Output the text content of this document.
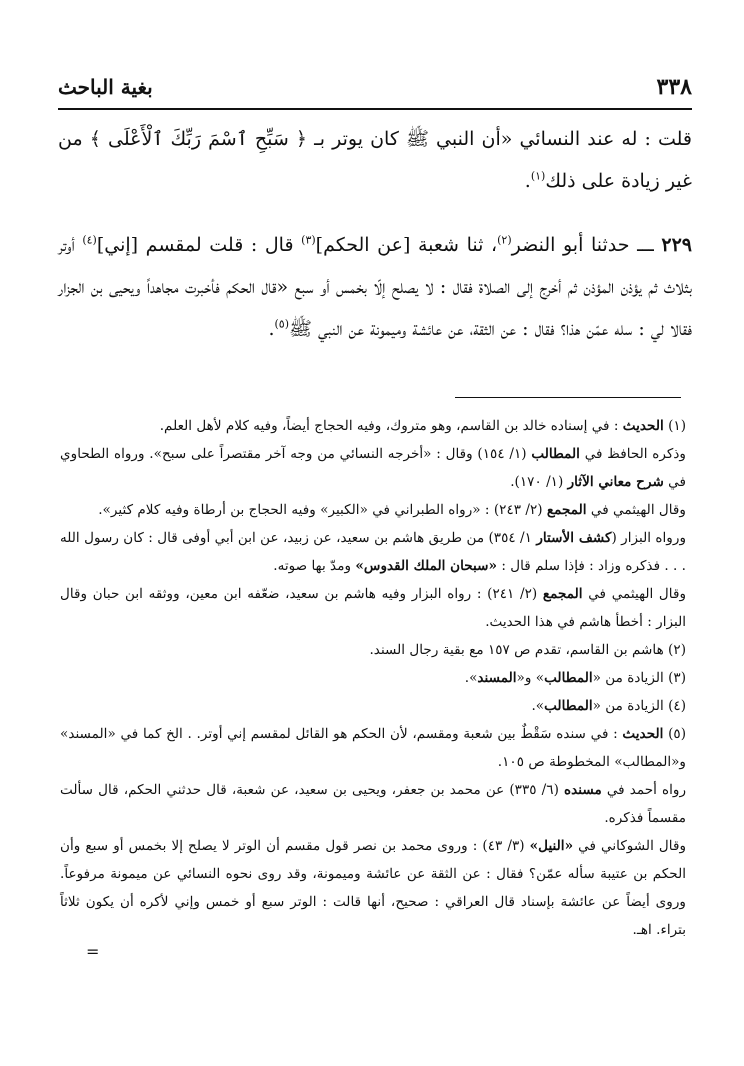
بغية الباحث	٣٣٨

قلت : له عند النسائي «أن النبي ﷺ كان يوتر بـ ﴿ سَبِّحِ ٱسْمَ رَبِّكَ ٱلْأَعْلَى ﴾ من غير زيادة على ذلك$^{(١)}$.

٢٢٩ ـــ حدثنا أبو النضر$^{(٢)}$، ثنا شعبة [عن الحكم]$^{(٣)}$ قال : قلت لمقسم [إني]$^{(٤)}$ أوتر بثلاث ثم يؤذن المؤذن ثم أخرج إلى الصلاة فقال : لا يصلح إلّا بخمس أو سبع «قال الحكم فأخبرت مجاهداً ويحيى بن الجزار فقالا لي : سله عمّن هذا؟ فقال : عن الثقة، عن عائشة وميمونة عن النبي ﷺ$^{(٥)}$.

(١) الحديث : في إسناده خالد بن القاسم، وهو متروك، وفيه الحجاج أيضاً، وفيه كلام لأهل العلم.

وذكره الحافظ في المطالب (١/ ١٥٤) وقال : «أخرجه النسائي من وجه آخر مقتصراً على سبح». ورواه الطحاوي في شرح معاني الآثار (١/ ١٧٠).

وقال الهيثمي في المجمع (٢/ ٢٤٣) : «رواه الطبراني في «الكبير» وفيه الحجاج بن أرطاة وفيه كلام كثير».

ورواه البزار (كشف الأستار ١/ ٣٥٤) من طريق هاشم بن سعيد، عن زبيد، عن ابن أبي أوفى قال : كان رسول الله . . . فذكره وزاد : فإذا سلم قال : «سبحان الملك القدوس» ومدّ بها صوته.

وقال الهيثمي في المجمع (٢/ ٢٤١) : رواه البزار وفيه هاشم بن سعيد، ضعّفه ابن معين، ووثقه ابن حبان وقال البزار : أخطأ هاشم في هذا الحديث.

(٢) هاشم بن القاسم، تقدم ص ١٥٧ مع بقية رجال السند.

(٣) الزيادة من «المطالب» و«المسند».

(٤) الزيادة من «المطالب».

(٥) الحديث : في سنده سَقْطٌ بين شعبة ومقسم، لأن الحكم هو القائل لمقسم إني أوتر. . الخ كما في «المسند» و«المطالب» المخطوطة ص ١٠٥.

رواه أحمد في مسنده (٦/ ٣٣٥) عن محمد بن جعفر، ويحيى بن سعيد، عن شعبة، قال حدثني الحكم، قال سألت مقسماً فذكره.

وقال الشوكاني في «النيل» (٣/ ٤٣) : وروى محمد بن نصر قول مقسم أن الوتر لا يصلح إلا بخمس أو سبع وأن الحكم بن عتيبة سأله عمّن؟ فقال : عن الثقة عن عائشة وميمونة، وقد روى نحوه النسائي عن ميمونة مرفوعاً. وروى أيضاً عن عائشة بإسناد قال العراقي : صحيح، أنها قالت : الوتر سبع أو خمس وإني لأكره أن يكون ثلاثاً بتراء. اهـ.

=
